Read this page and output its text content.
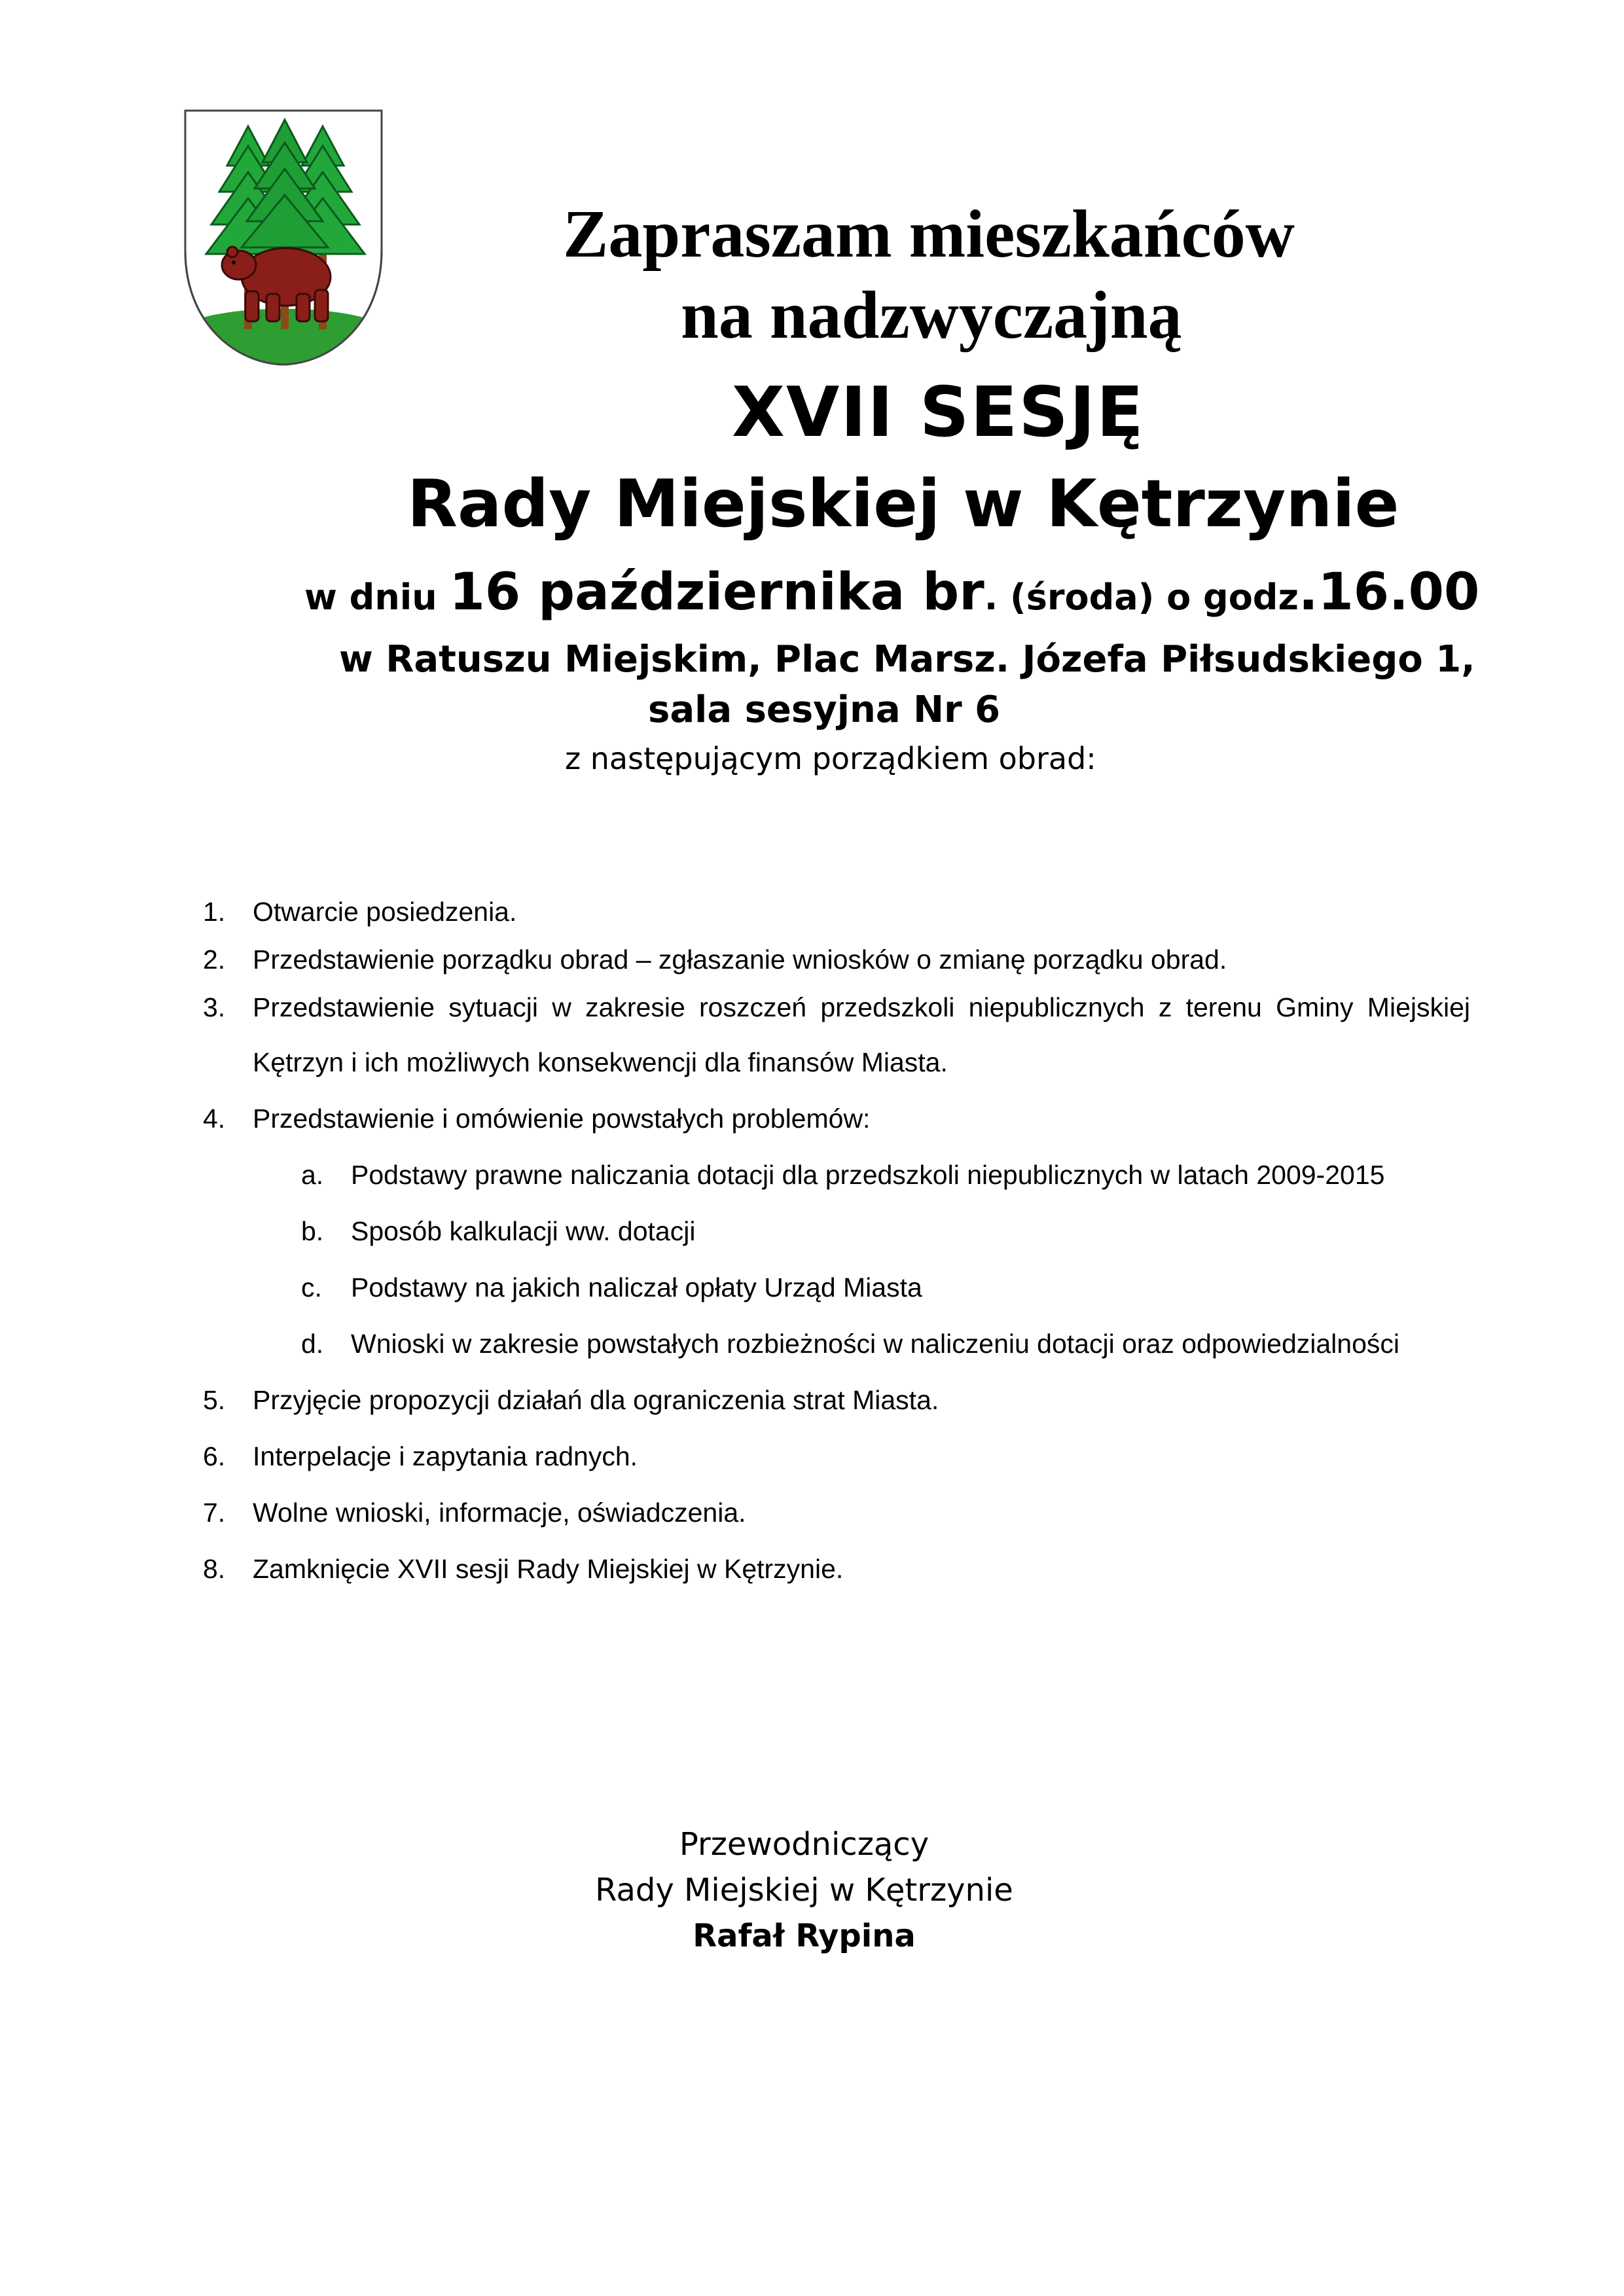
Zapraszam mieszkańców
na nadzwyczajną
XVII SESJĘ
Rady Miejskiej w Kętrzynie
w dniu 16 października br. (środa) o godz.16.00
w Ratuszu Miejskim, Plac Marsz. Józefa Piłsudskiego 1,
sala sesyjna Nr 6
z następującym porządkiem obrad:
1. Otwarcie posiedzenia.
2. Przedstawienie porządku obrad – zgłaszanie wniosków o zmianę porządku obrad.
3. Przedstawienie sytuacji w zakresie roszczeń przedszkoli niepublicznych z terenu Gminy Miejskiej
Kętrzyn i ich możliwych konsekwencji dla finansów Miasta.
4. Przedstawienie i omówienie powstałych problemów:
a. Podstawy prawne naliczania dotacji dla przedszkoli niepublicznych w latach 2009-2015
b. Sposób kalkulacji ww. dotacji
c. Podstawy na jakich naliczał opłaty Urząd Miasta
d. Wnioski w zakresie powstałych rozbieżności w naliczeniu dotacji oraz odpowiedzialności
5. Przyjęcie propozycji działań dla ograniczenia strat Miasta.
6. Interpelacje i zapytania radnych.
7. Wolne wnioski, informacje, oświadczenia.
8. Zamknięcie XVII sesji Rady Miejskiej w Kętrzynie.
Przewodniczący
Rady Miejskiej w Kętrzynie
Rafał Rypina
